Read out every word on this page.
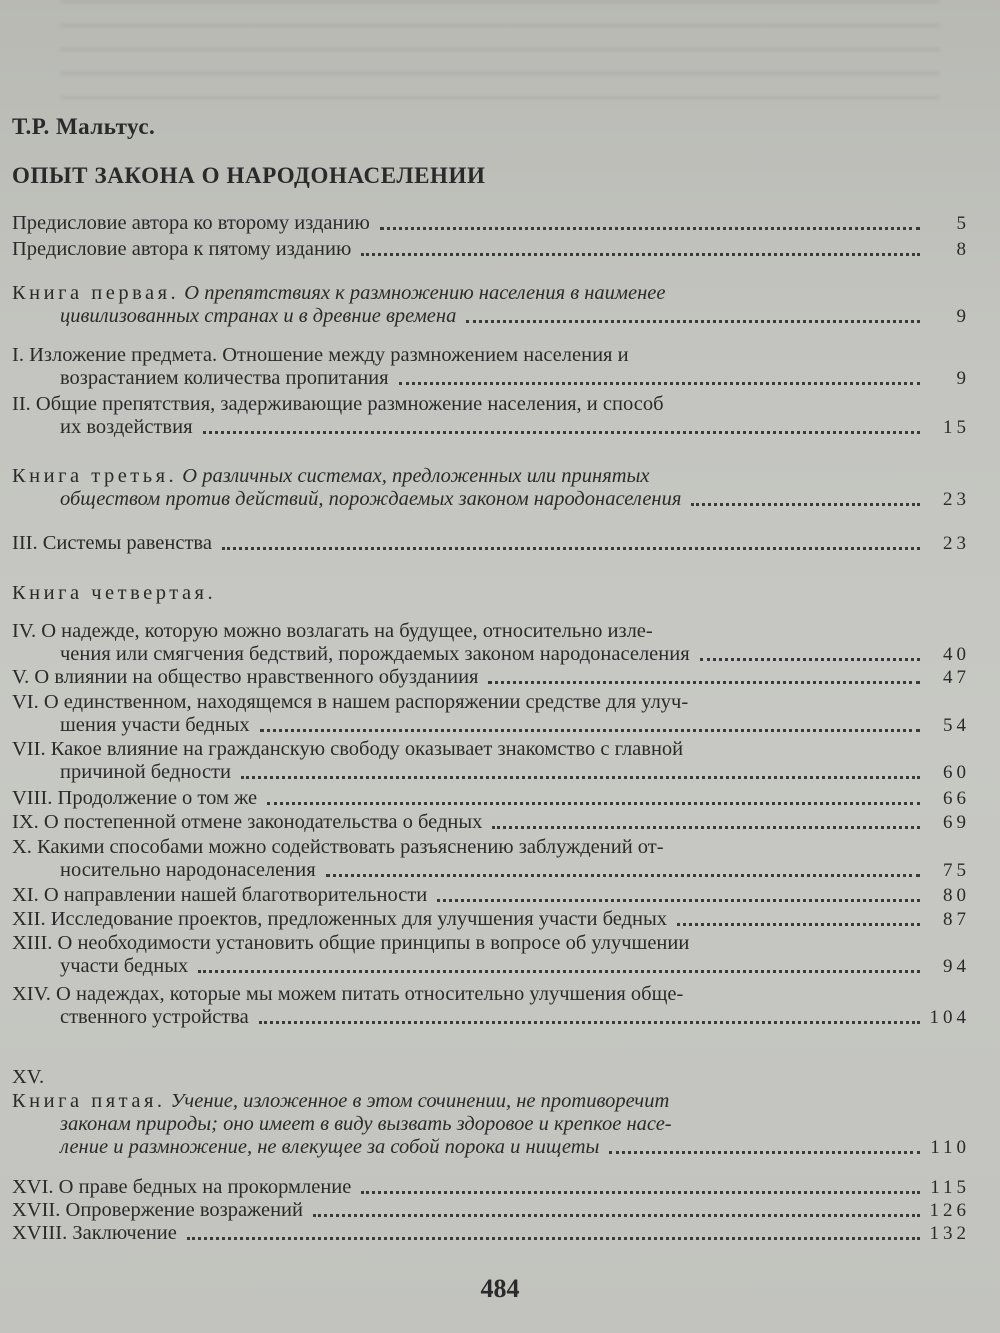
Т.Р. Мальтус.
ОПЫТ ЗАКОНА О НАРОДОНАСЕЛЕНИИ
Предисловие автора ко второму изданию	5
Предисловие автора к пятому изданию	8
Книга первая. О препятствиях к размножению населения в наименее
цивилизованных странах и в древние времена	9
I. Изложение предмета. Отношение между размножением населения и
возрастанием количества пропитания	9
II. Общие препятствия, задерживающие размножение населения, и способ
их воздействия	15
Книга третья. О различных системах, предложенных или принятых
обществом против действий, порождаемых законом народонаселения	23
III. Системы равенства	23
Книга четвертая.
IV. О надежде, которую можно возлагать на будущее, относительно изле-
чения или смягчения бедствий, порождаемых законом народонаселения	40
V. О влиянии на общество нравственного обузданиия	47
VI. О единственном, находящемся в нашем распоряжении средстве для улуч-
шения участи бедных	54
VII. Какое влияние на гражданскую свободу оказывает знакомство с главной
причиной бедности	60
VIII. Продолжение о том же	66
IX. О постепенной отмене законодательства о бедных	69
X. Какими способами можно содействовать разъяснению заблуждений от-
носительно народонаселения	75
XI. О направлении нашей благотворительности	80
XII. Исследование проектов, предложенных для улучшения участи бедных	87
XIII. О необходимости установить общие принципы в вопросе об улучшении
участи бедных	94
XIV. О надеждах, которые мы можем питать относительно улучшения обще-
ственного устройства	104
XV.
Книга пятая. Учение, изложенное в этом сочинении, не противоречит
законам природы; оно имеет в виду вызвать здоровое и крепкое насе-
ление и размножение, не влекущее за собой порока и нищеты	110
XVI. О праве бедных на прокормление	115
XVII. Опровержение возражений	126
XVIII. Заключение	132
484
